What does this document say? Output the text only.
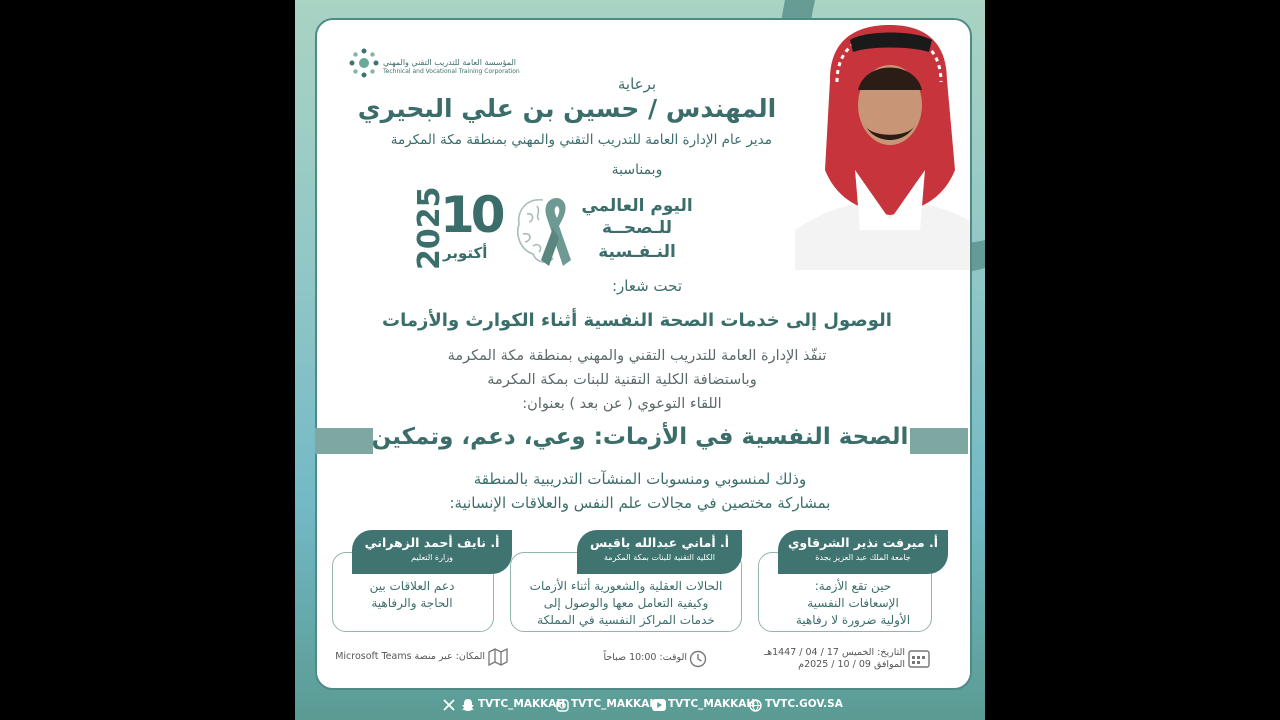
المؤسسة العامة للتدريب التقني والمهني
Technical and Vocational Training Corporation
برعاية
المهندس / حسين بن علي البحيري
مدير عام الإدارة العامة للتدريب التقني والمهني بمنطقة مكة المكرمة
وبمناسبة
2025
10
أكتوبر
اليوم العالمي
للـصحــة
النـفـسية
تحت شعار:
الوصول إلى خدمات الصحة النفسية أثناء الكوارث والأزمات
تنفّذ الإدارة العامة للتدريب التقني والمهني بمنطقة مكة المكرمة
وباستضافة الكلية التقنية للبنات بمكة المكرمة
اللقاء التوعوي ( عن بعد ) بعنوان:
الصحة النفسية في الأزمات: وعي، دعم، وتمكين
وذلك لمنسوبي ومنسوبات المنشآت التدريبية بالمنطقة
بمشاركة مختصين في مجالات علم النفس والعلاقات الإنسانية:
أ. ميرفت نذير الشرقاوي
جامعة الملك عبد العزيز بجدة
حين تقع الأزمة:
الإسعافات النفسية
الأولية ضرورة لا رفاهية
أ. أماني عبدالله باقيس
الكلية التقنية للبنات بمكة المكرمة
الحالات العقلية والشعورية أثناء الأزمات
وكيفية التعامل معها والوصول إلى
خدمات المراكز النفسية في المملكة
أ. نايف أحمد الزهراني
وزارة التعليم
دعم العلاقات بين
الحاجة والرفاهية
التاريخ: الخميس 17 / 04 / 1447هـ
الموافق 09 / 10 / 2025م
الوقت: 10:00 صباحاً
المكان: عبر منصة Microsoft Teams
TVTC.GOV.SA
TVTC_MAKKAH
TVTC_MAKKAH
TVTC_MAKKAH
